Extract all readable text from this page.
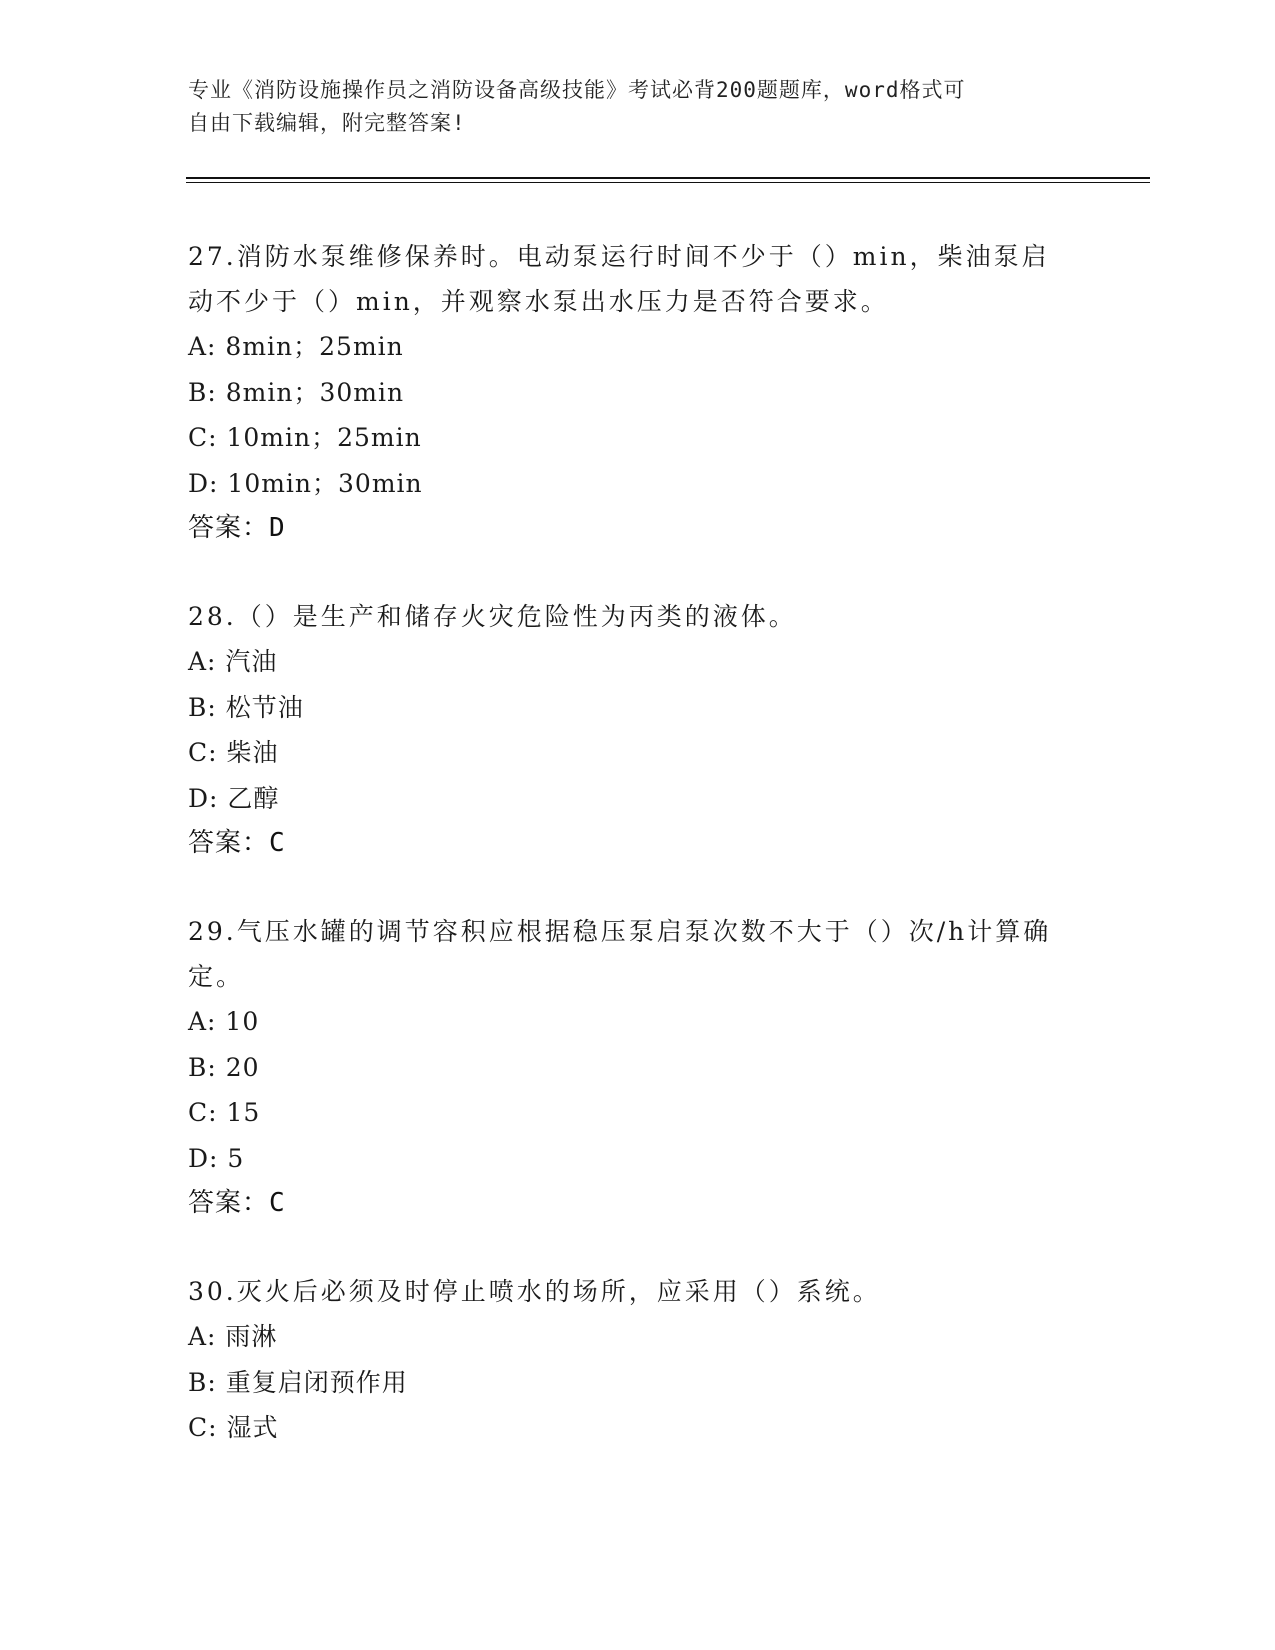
专业《消防设施操作员之消防设备高级技能》考试必背200题题库，word格式可
自由下载编辑，附完整答案!
27.消防水泵维修保养时。电动泵运行时间不少于（）min，柴油泵启
动不少于（）min，并观察水泵出水压力是否符合要求。
A: 8min；25min
B: 8min；30min
C: 10min；25min
D: 10min；30min
答案：D
28.（）是生产和储存火灾危险性为丙类的液体。
A: 汽油
B: 松节油
C: 柴油
D: 乙醇
答案：C
29.气压水罐的调节容积应根据稳压泵启泵次数不大于（）次/h计算确
定。
A: 10
B: 20
C: 15
D: 5
答案：C
30.灭火后必须及时停止喷水的场所，应采用（）系统。
A: 雨淋
B: 重复启闭预作用
C: 湿式
